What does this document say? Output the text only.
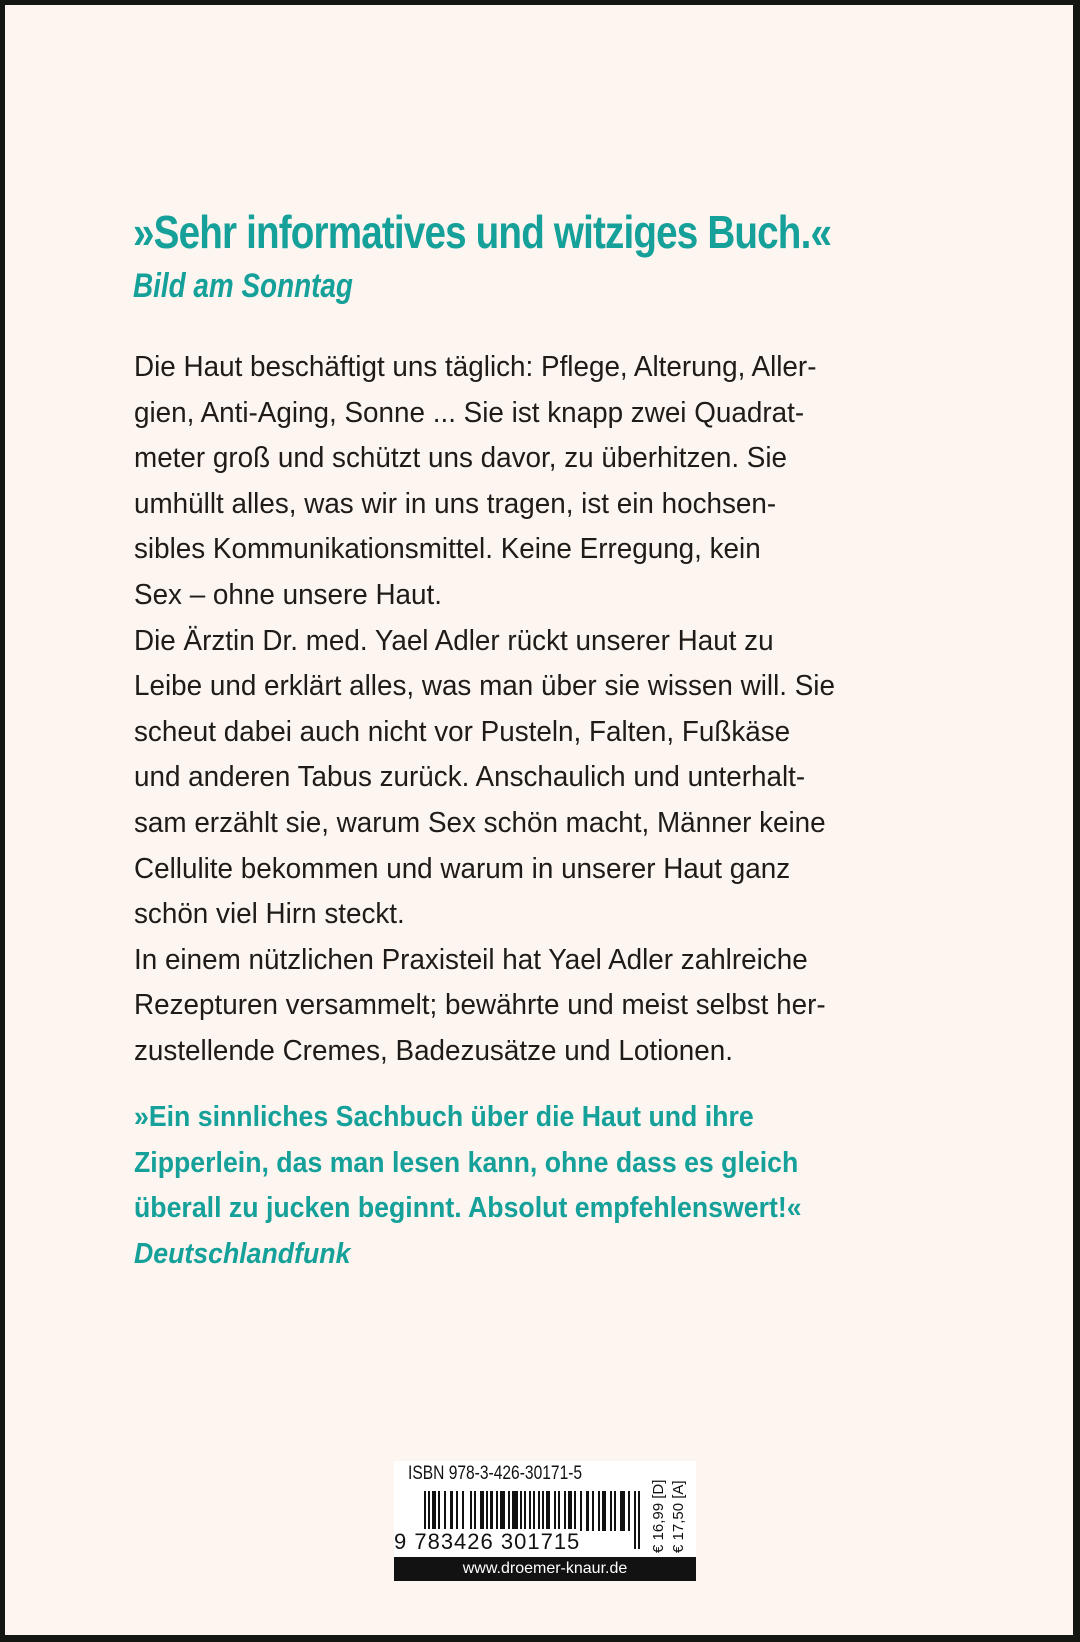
»Sehr informatives und witziges Buch.«
Bild am Sonntag
Die Haut beschäftigt uns täglich: Pflege, Alterung, Aller-
gien, Anti-Aging, Sonne ... Sie ist knapp zwei Quadrat-
meter groß und schützt uns davor, zu überhitzen. Sie
umhüllt alles, was wir in uns tragen, ist ein hochsen-
sibles Kommunikationsmittel. Keine Erregung, kein
Sex – ohne unsere Haut.
Die Ärztin Dr. med. Yael Adler rückt unserer Haut zu
Leibe und erklärt alles, was man über sie wissen will. Sie
scheut dabei auch nicht vor Pusteln, Falten, Fußkäse
und anderen Tabus zurück. Anschaulich und unterhalt-
sam erzählt sie, warum Sex schön macht, Männer keine
Cellulite bekommen und warum in unserer Haut ganz
schön viel Hirn steckt.
In einem nützlichen Praxisteil hat Yael Adler zahlreiche
Rezepturen versammelt; bewährte und meist selbst her-
zustellende Cremes, Badezusätze und Lotionen.
»Ein sinnliches Sachbuch über die Haut und ihre
Zipperlein, das man lesen kann, ohne dass es gleich
überall zu jucken beginnt. Absolut empfehlenswert!«
Deutschlandfunk
ISBN 978-3-426-30171-5
9 783426 301715	€ 16,99 [D] € 17,50 [A]
www.droemer-knaur.de
